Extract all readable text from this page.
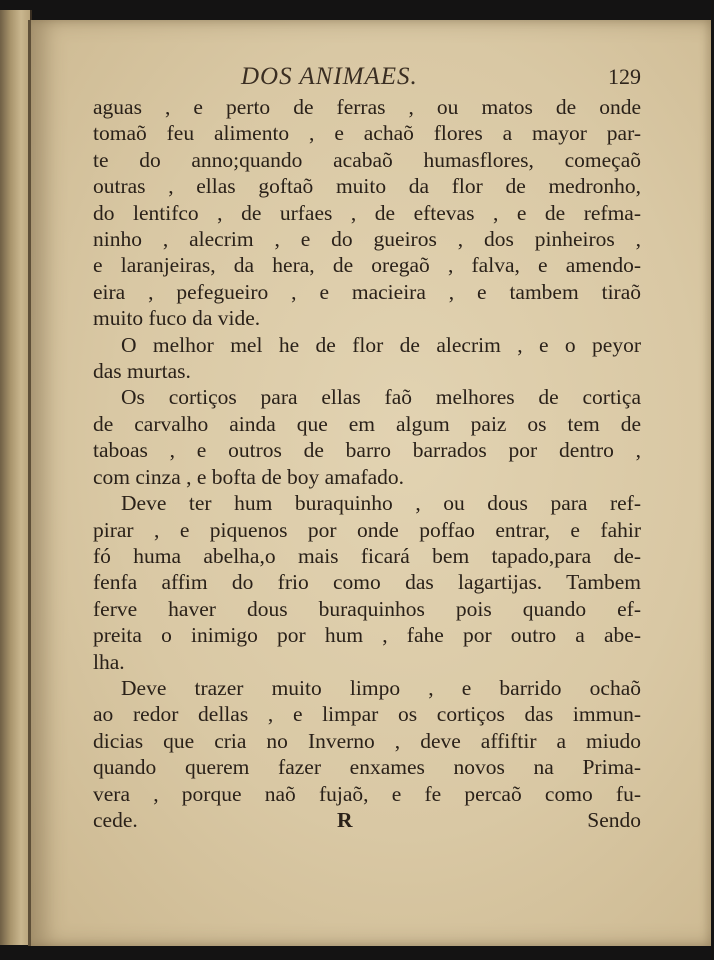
DOS ANIMAES.	129
aguas , e perto de ferras , ou matos de onde
tomaõ feu alimento , e achaõ flores a mayor par-
te do anno;quando acabaõ humasflores, começaõ
outras , ellas goftaõ muito da flor de medronho,
do lentifco , de urfaes , de eftevas , e de refma-
ninho , alecrim , e do gueiros , dos pinheiros ,
e laranjeiras, da hera, de oregaõ , falva, e amendo-
eira , pefegueiro , e macieira , e tambem tiraõ
muito fuco da vide.
O melhor mel he de flor de alecrim , e o peyor
das murtas.
Os cortiços para ellas faõ melhores de cortiça
de carvalho ainda que em algum paiz os tem de
taboas , e outros de barro barrados por dentro ,
com cinza , e bofta de boy amafado.
Deve ter hum buraquinho , ou dous para ref-
pirar , e piquenos por onde poffao entrar, e fahir
fó huma abelha,o mais ficará bem tapado,para de-
fenfa affim do frio como das lagartijas. Tambem
ferve haver dous buraquinhos pois quando ef-
preita o inimigo por hum , fahe por outro a abe-
lha.
Deve trazer muito limpo , e barrido ochaõ
ao redor dellas , e limpar os cortiços das immun-
dicias que cria no Inverno , deve affiftir a miudo
quando querem fazer enxames novos na Prima-
vera , porque naõ fujaõ, e fe percaõ como fu-
cede.	R	Sendo
